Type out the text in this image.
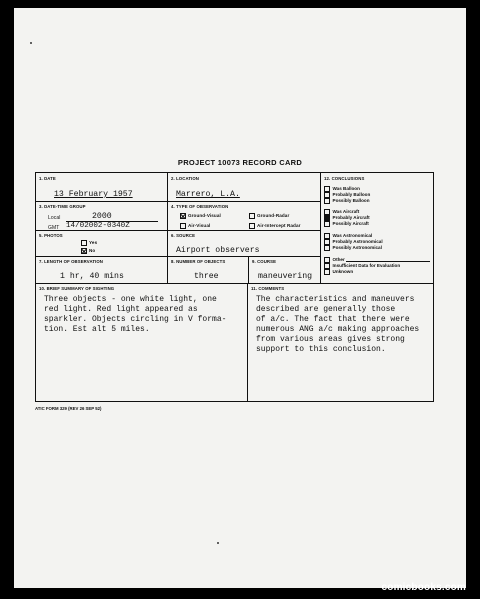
PROJECT 10073 RECORD CARD
1. DATE
13 February 1957
2. LOCATION
Marrero, L.A.
3. DATE-TIME GROUP
Local	2000
GMT 14/02002-0340Z
4. TYPE OF OBSERVATION
Ground-Visual	Ground-Radar
Air-Visual	Air-Intercept Radar
5. PHOTOS
Yes
No
6. SOURCE
Airport observers
7. LENGTH OF OBSERVATION
1 hr, 40 mins
8. NUMBER OF OBJECTS
three
9. COURSE
maneuvering
12. CONCLUSIONS
Was Balloon
Probably Balloon
Possibly Balloon
Was Aircraft
Probably Aircraft
Possibly Aircraft
Was Astronomical
Probably Astronomical
Possibly Astronomical
Other
Insufficient Data for Evaluation
Unknown
10. BRIEF SUMMARY OF SIGHTING
Three objects - one white light, one
red light. Red light appeared as
sparkler. Objects circling in V forma-
tion. Est alt 5 miles.
11. COMMENTS
The characteristics and maneuvers
described are generally those
of a/c. The fact that there were
numerous ANG a/c making approaches
from various areas gives strong
support to this conclusion.
ATIC FORM 329 (REV 26 SEP 52)
comicbooks.com
